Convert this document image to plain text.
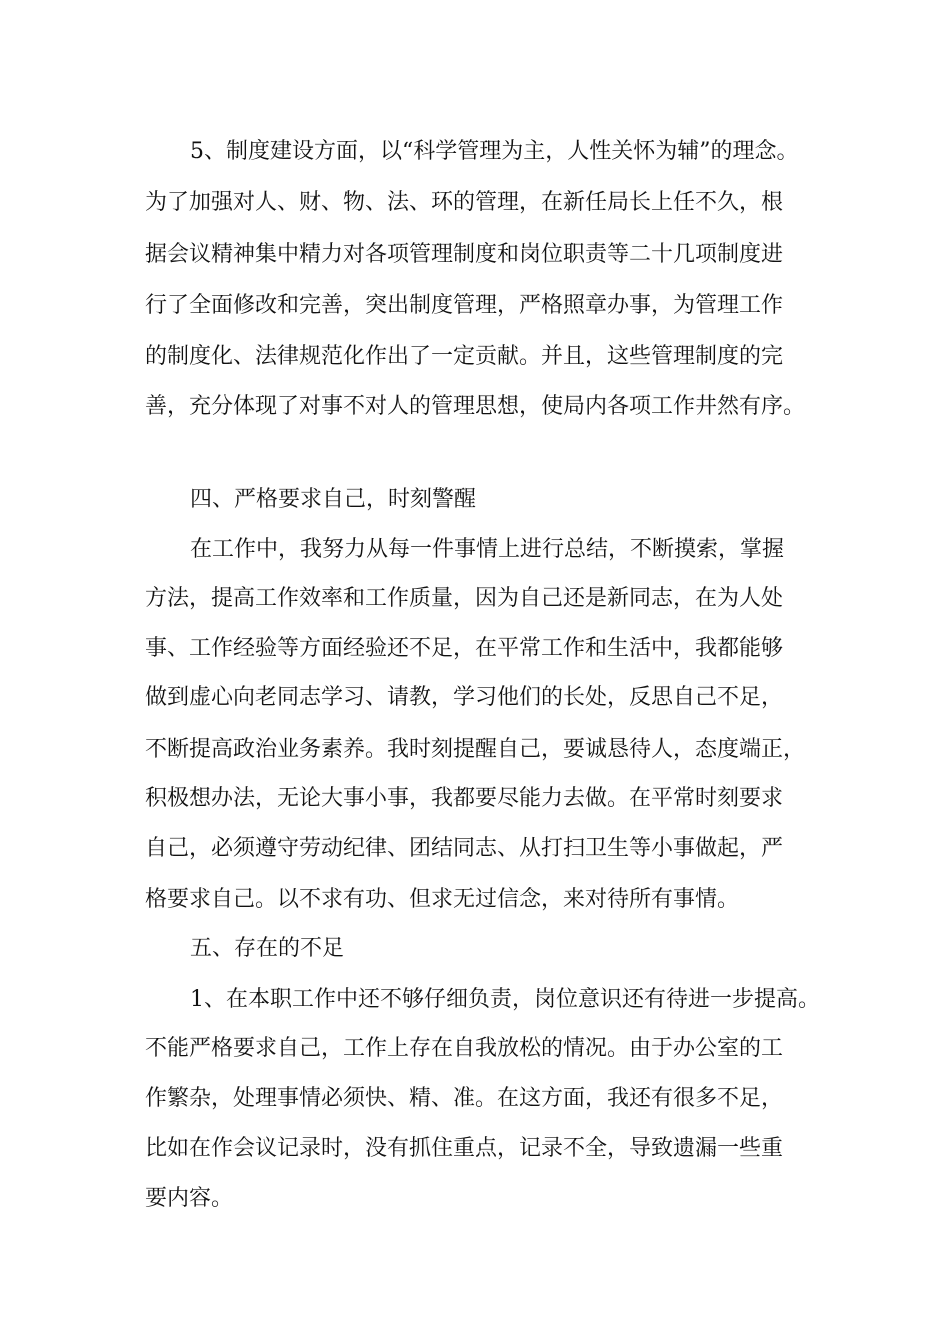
5、制度建设方面，以“科学管理为主，人性关怀为辅”的理念。
为了加强对人、财、物、法、环的管理，在新任局长上任不久，根
据会议精神集中精力对各项管理制度和岗位职责等二十几项制度进
行了全面修改和完善，突出制度管理，严格照章办事，为管理工作
的制度化、法律规范化作出了一定贡献。并且，这些管理制度的完
善，充分体现了对事不对人的管理思想，使局内各项工作井然有序。
四、严格要求自己，时刻警醒
在工作中，我努力从每一件事情上进行总结，不断摸索，掌握
方法，提高工作效率和工作质量，因为自己还是新同志，在为人处
事、工作经验等方面经验还不足，在平常工作和生活中，我都能够
做到虚心向老同志学习、请教，学习他们的长处，反思自己不足，
不断提高政治业务素养。我时刻提醒自己，要诚恳待人，态度端正，
积极想办法，无论大事小事，我都要尽能力去做。在平常时刻要求
自己，必须遵守劳动纪律、团结同志、从打扫卫生等小事做起，严
格要求自己。以不求有功、但求无过信念，来对待所有事情。
五、存在的不足
1、在本职工作中还不够仔细负责，岗位意识还有待进一步提高。
不能严格要求自己，工作上存在自我放松的情况。由于办公室的工
作繁杂，处理事情必须快、精、准。在这方面，我还有很多不足，
比如在作会议记录时，没有抓住重点，记录不全，导致遗漏一些重
要内容。
